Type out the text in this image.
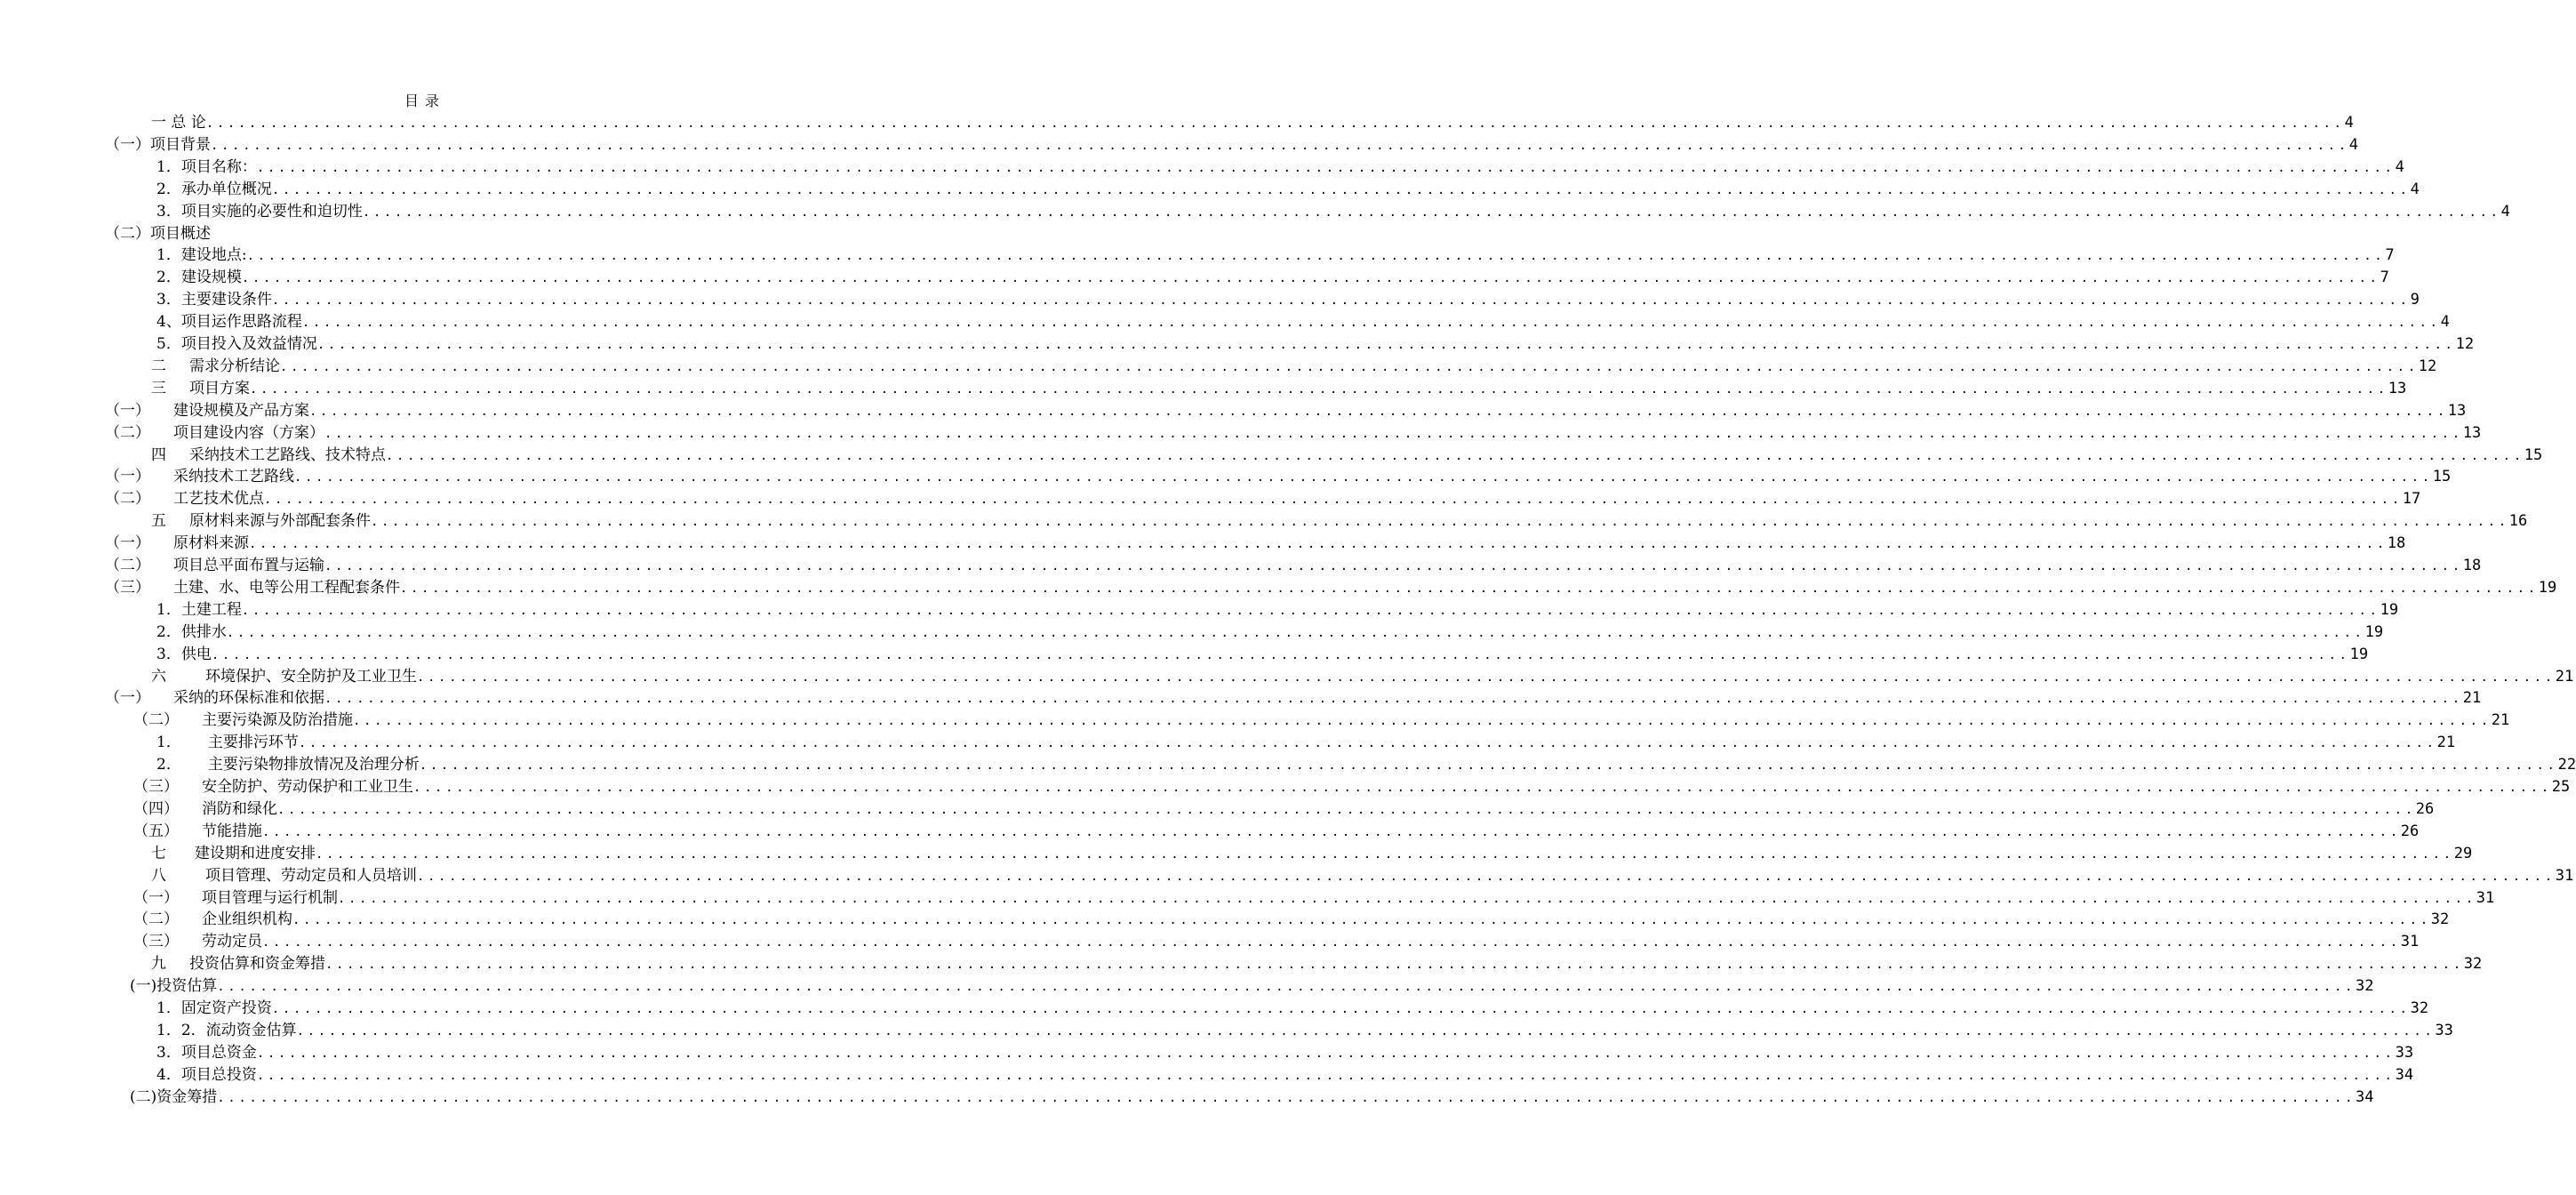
目 录
一 总 论 ........................................................................................................................................................................................................ 4
（一） 项目背景 ........................................................................................................................................................................................................ 4
1． 项目名称： ........................................................................................................................................................................................................ 4
2． 承办单位概况 ........................................................................................................................................................................................................ 4
3． 项目实施的必要性和迫切性 ........................................................................................................................................................................................................ 4
（二） 项目概述
1． 建设地点: ........................................................................................................................................................................................................ 7
2． 建设规模 ........................................................................................................................................................................................................ 7
3． 主要建设条件 ........................................................................................................................................................................................................ 9
4、 项目运作思路流程 ........................................................................................................................................................................................................ 4
5． 项目投入及效益情况 ........................................................................................................................................................................................................ 12
二 需求分析结论 ........................................................................................................................................................................................................ 12
三 项目方案 ........................................................................................................................................................................................................ 13
（一） 建设规模及产品方案 ........................................................................................................................................................................................................ 13
（二） 项目建设内容（方案） ........................................................................................................................................................................................................ 13
四 采纳技术工艺路线、技术特点 ........................................................................................................................................................................................................ 15
（一） 采纳技术工艺路线 ........................................................................................................................................................................................................ 15
（二） 工艺技术优点 ........................................................................................................................................................................................................ 17
五 原材料来源与外部配套条件 ........................................................................................................................................................................................................ 16
（一） 原材料来源 ........................................................................................................................................................................................................ 18
（二） 项目总平面布置与运输 ........................................................................................................................................................................................................ 18
（三） 土建、水、电等公用工程配套条件 ........................................................................................................................................................................................................ 19
1． 土建工程 ........................................................................................................................................................................................................ 19
2． 供排水 ........................................................................................................................................................................................................ 19
3． 供电 ........................................................................................................................................................................................................ 19
六	环境保护、安全防护及工业卫生 ........................................................................................................................................................................................................ 21
（一） 采纳的环保标准和依据 ........................................................................................................................................................................................................ 21
（二） 主要污染源及防治措施 ........................................................................................................................................................................................................ 21
1． 主要排污环节 ........................................................................................................................................................................................................ 21
2． 主要污染物排放情况及治理分析 ........................................................................................................................................................................................................ 22
（三） 安全防护、劳动保护和工业卫生 ........................................................................................................................................................................................................ 25
（四） 消防和绿化 ........................................................................................................................................................................................................ 26
（五） 节能措施 ........................................................................................................................................................................................................ 26
七 建设期和进度安排 ........................................................................................................................................................................................................ 29
八	项目管理、劳动定员和人员培训 ........................................................................................................................................................................................................ 31
（一） 项目管理与运行机制 ........................................................................................................................................................................................................ 31
（二） 企业组织机构 ........................................................................................................................................................................................................ 32
（三） 劳动定员 ........................................................................................................................................................................................................ 31
九 投资估算和资金筹措 ........................................................................................................................................................................................................ 32
(一) 投资估算 ........................................................................................................................................................................................................ 32
1． 固定资产投资 ........................................................................................................................................................................................................ 32
1．2． 流动资金估算 ........................................................................................................................................................................................................ 33
3． 项目总资金 ........................................................................................................................................................................................................ 33
4． 项目总投资 ........................................................................................................................................................................................................ 34
(二) 资金筹措 ........................................................................................................................................................................................................ 34
